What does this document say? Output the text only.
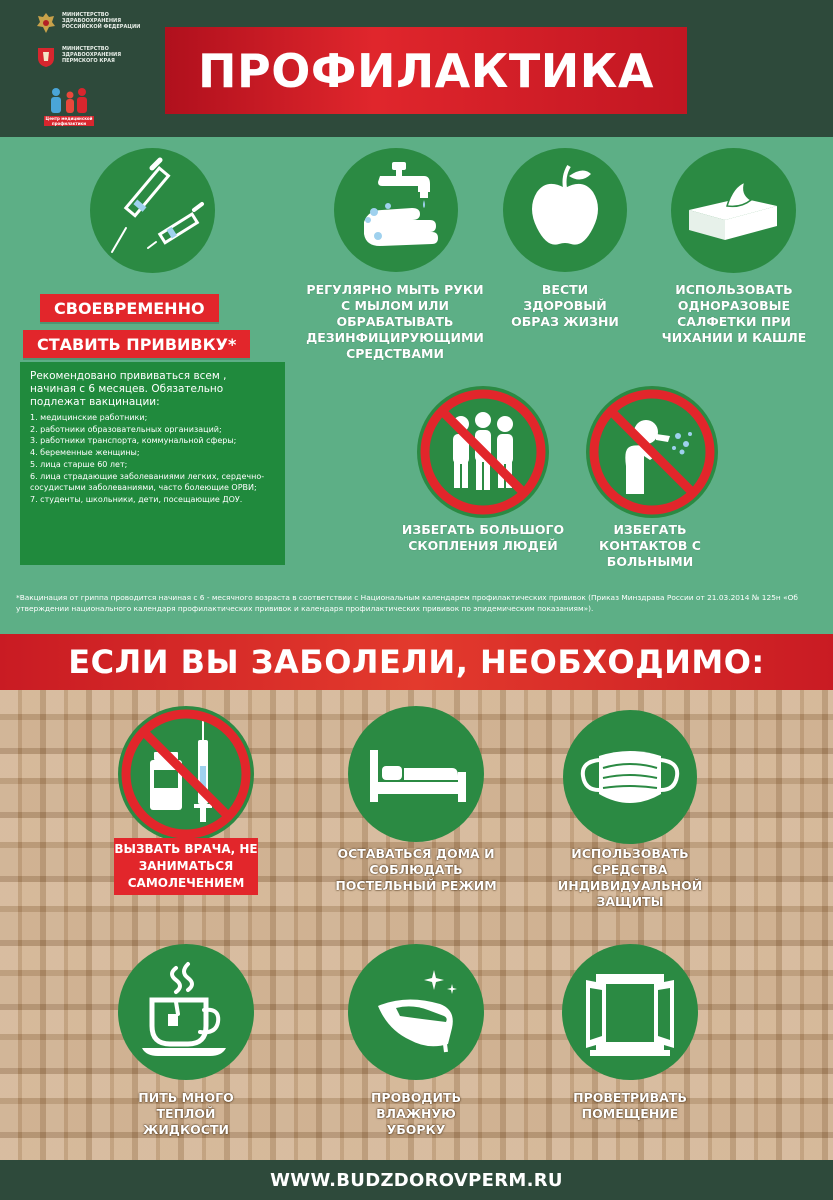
МИНИСТЕРСТВО ЗДРАВООХРАНЕНИЯ РОССИЙСКОЙ ФЕДЕРАЦИИ
МИНИСТЕРСТВО ЗДРАВООХРАНЕНИЯ ПЕРМСКОГО КРАЯ
Центр медицинской профилактики
ПРОФИЛАКТИКА
РЕГУЛЯРНО МЫТЬ РУКИ С МЫЛОМ ИЛИ ОБРАБАТЫВАТЬ ДЕЗИНФИЦИРУЮЩИМИ СРЕДСТВАМИ
ВЕСТИ ЗДОРОВЫЙ ОБРАЗ ЖИЗНИ
ИСПОЛЬЗОВАТЬ ОДНОРАЗОВЫЕ САЛФЕТКИ ПРИ ЧИХАНИИ И КАШЛЕ
СВОЕВРЕМЕННО
СТАВИТЬ ПРИВИВКУ*

Рекомендовано прививаться всем , начиная с 6 месяцев. Обязательно подлежат вакцинации:

1. медицинские работники;
2. работники образовательных организаций;
3. работники транспорта, коммунальной сферы;
4. беременные женщины;
5. лица старше 60 лет;
6. лица страдающие заболеваниями легких, сердечно- сосудистыми заболеваниями, часто болеющие ОРВИ;
7. студенты, школьники, дети, посещающие ДОУ.
ИЗБЕГАТЬ БОЛЬШОГО СКОПЛЕНИЯ ЛЮДЕЙ
ИЗБЕГАТЬ КОНТАКТОВ С БОЛЬНЫМИ
*Вакцинация от гриппа проводится начиная с 6 - месячного возраста в соответствии с Национальным календарем профилактических прививок (Приказ Минздрава России от 21.03.2014 № 125н «Об утверждении национального календаря профилактических прививок и календаря профилактических прививок по эпидемическим показаниям»).
ЕСЛИ ВЫ ЗАБОЛЕЛИ, НЕОБХОДИМО:
ВЫЗВАТЬ ВРАЧА, НЕ ЗАНИМАТЬСЯ САМОЛЕЧЕНИЕМ
ОСТАВАТЬСЯ ДОМА И СОБЛЮДАТЬ ПОСТЕЛЬНЫЙ РЕЖИМ
ИСПОЛЬЗОВАТЬ СРЕДСТВА ИНДИВИДУАЛЬНОЙ ЗАЩИТЫ
ПИТЬ МНОГО ТЕПЛОЙ ЖИДКОСТИ
ПРОВОДИТЬ ВЛАЖНУЮ УБОРКУ
ПРОВЕТРИВАТЬ ПОМЕЩЕНИЕ
WWW.BUDZDOROVPERM.RU
